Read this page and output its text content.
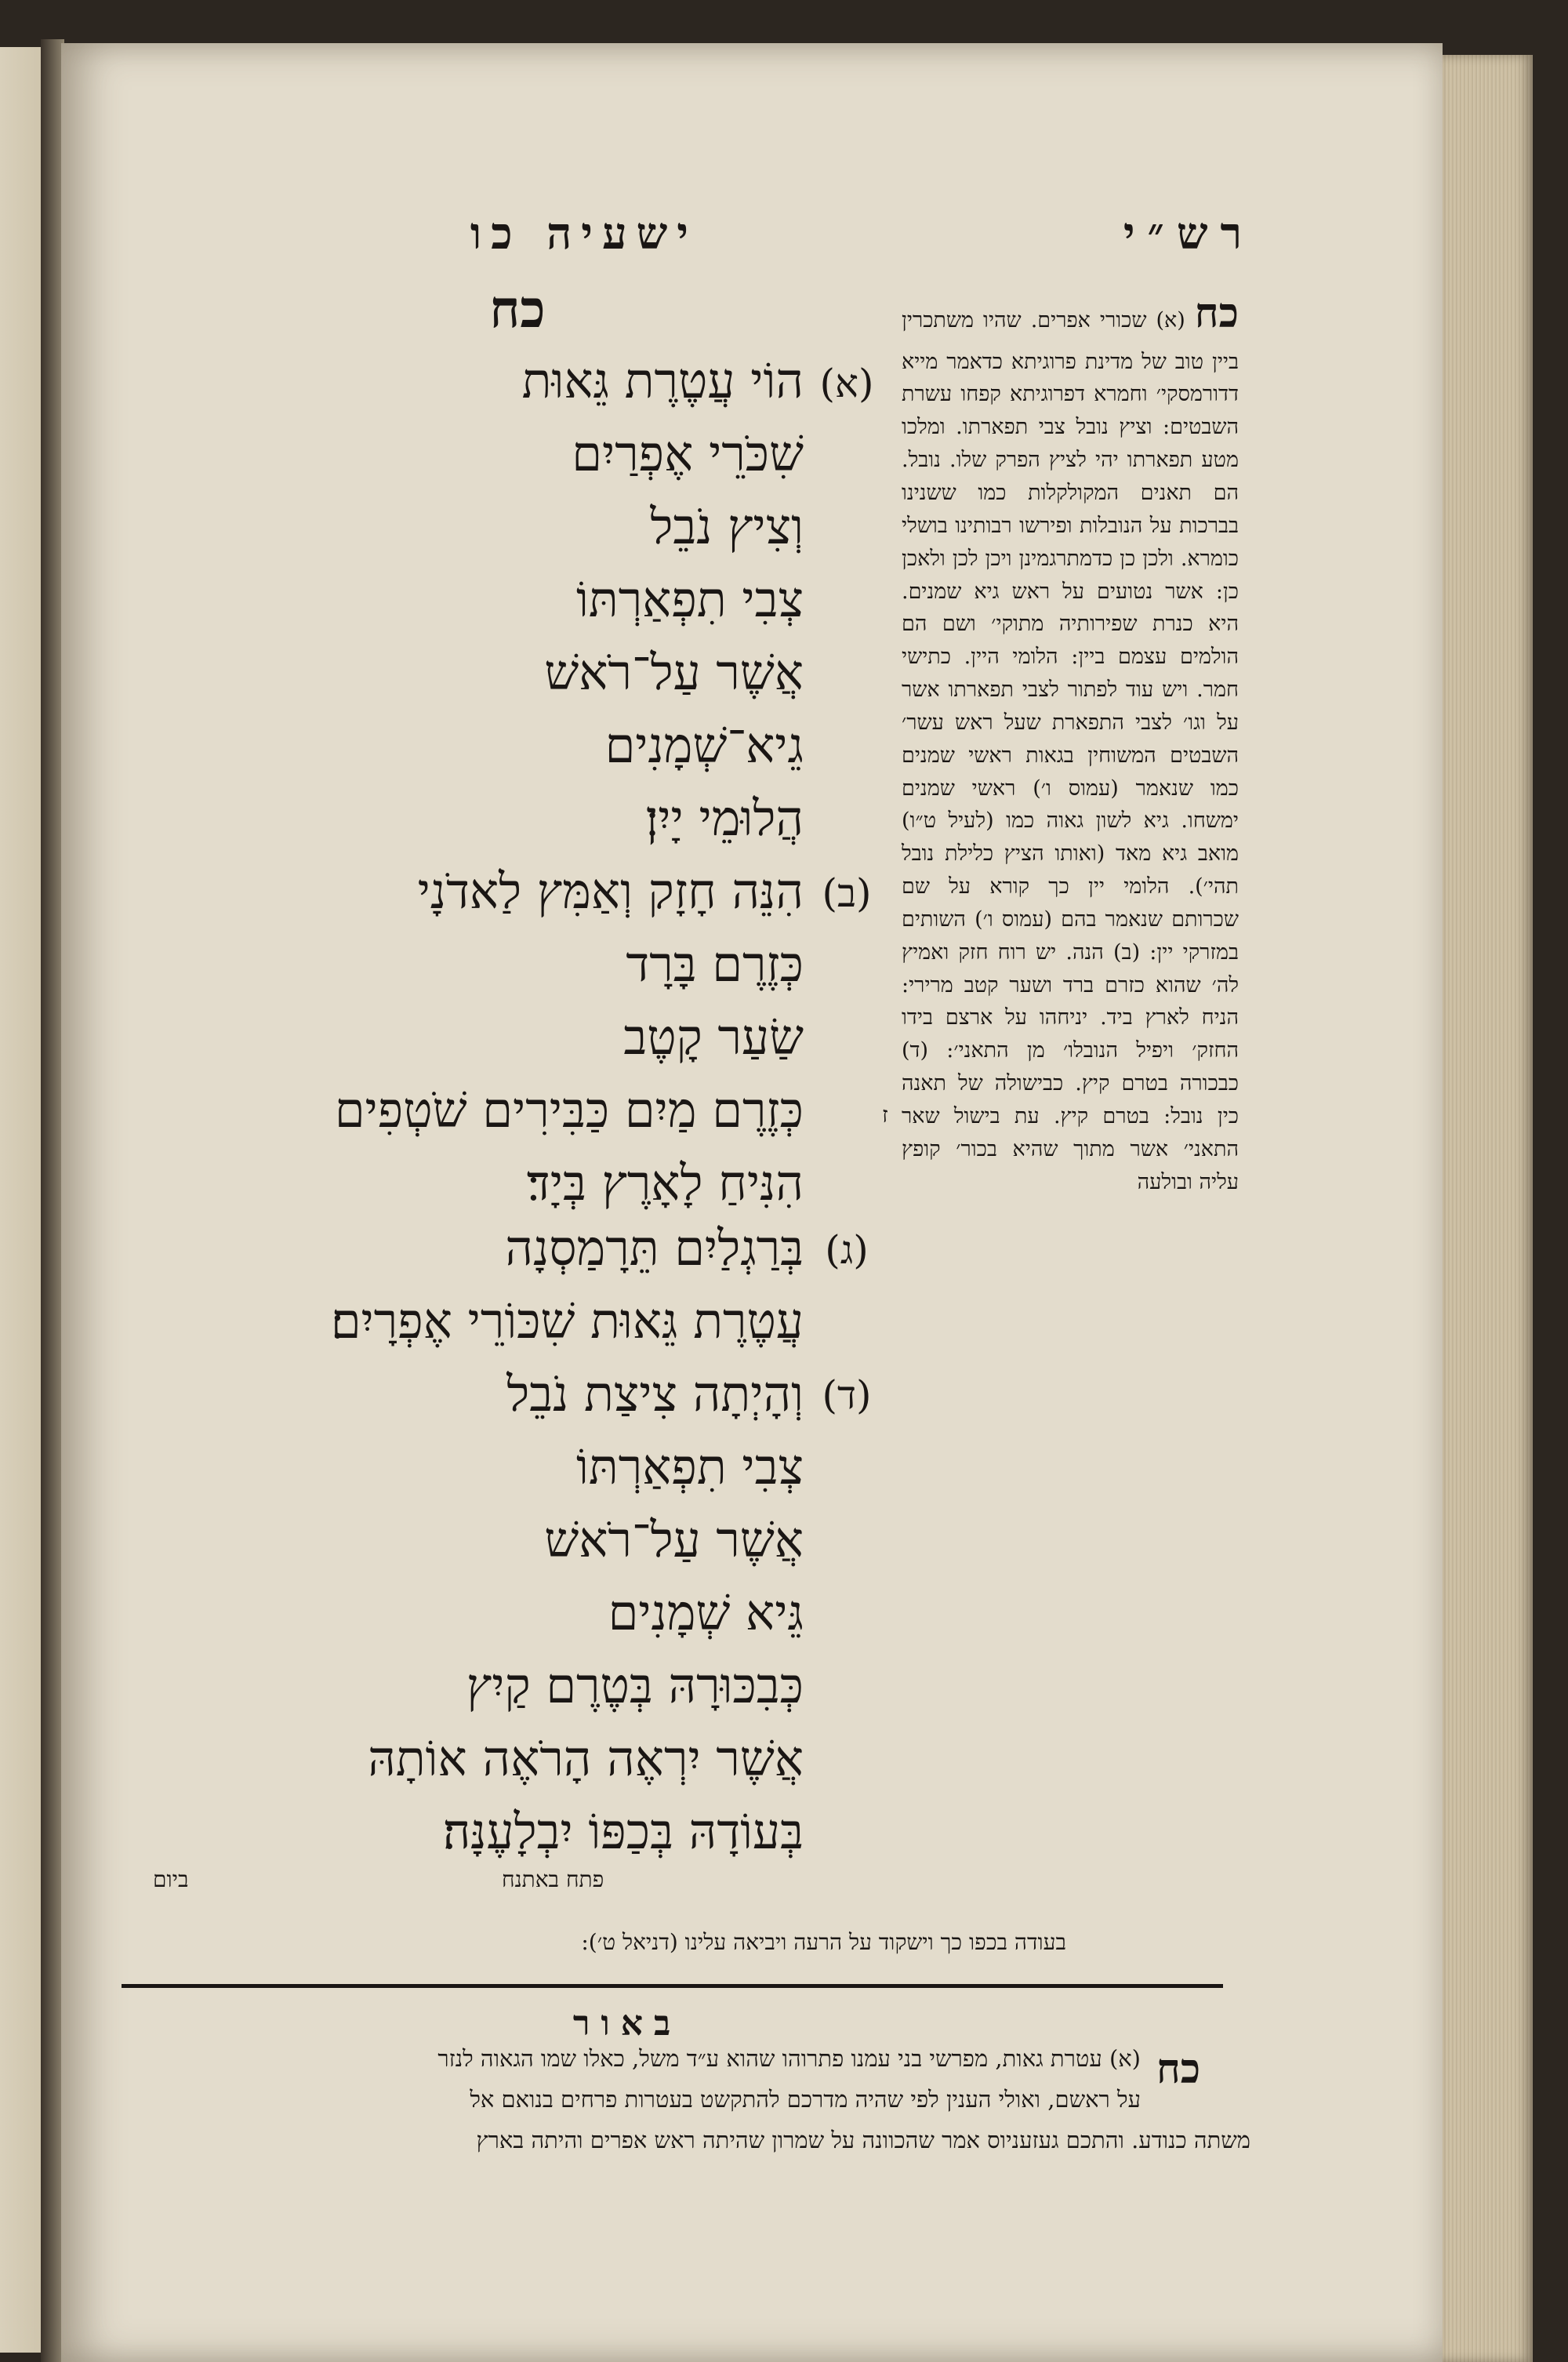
רש״י
ישעיה כו
כח
(א)
(ב)
(ג)
(ד)
הוֹי עֲטֶרֶת גֵּאוּת
שִׁכֹּרֵי אֶפְרַיִם
וְצִיץ נֹבֵל
צְבִי תִפְאַרְתּוֹ
אֲשֶׁר עַל־רֹאשׁ
גֵיא־שְׁמָנִים
הֲלוּמֵי יָיִן׃
הִנֵּה חָזָק וְאַמִּץ לַאדֹנָי
כְּזֶרֶם בָּרָד
שַׂעַר קָטֶב
כְּזֶרֶם מַיִם כַּבִּירִים שֹׁטְפִים
הִנִּיחַ לָאָרֶץ בְּיָד׃
בְּרַגְלַיִם תֵּרָמַסְנָה
עֲטֶרֶת גֵּאוּת שִׁכּוֹרֵי אֶפְרָיִם׃
וְהָיְתָה צִיצַת נֹבֵל
צְבִי תִפְאַרְתּוֹ
אֲשֶׁר עַל־רֹאשׁ
גֵּיא שְׁמָנִים
כְּבִכּוּרָהּ בְּטֶרֶם קַיִץ
אֲשֶׁר יִרְאֶה הָרֹאֶה אוֹתָהּ
בְּעוֹדָהּ בְּכַפּוֹ יִבְלָעֶנָּה׃
כח (א) שכורי אפרים. שהיו משתכרין ביין טוב של מדינת פרוגיתא כדאמר מייא דדורמסקי׳ וחמרא דפרוגיתא קפחו עשרת השבטים: וציץ נובל צבי תפארתו. ומלכו מטע תפארתו יהי לציץ הפרק שלו. נובל. הם תאנים המקולקלות כמו ששנינו בברכות על הנובלות ופירשו רבותינו בושלי כומרא. ולכן כן כדמתרגמינן ויכן לכן ולאכן כן: אשר נטועים על ראש גיא שמנים. היא כנרת שפירותיה מתוקי׳ ושם הם הולמים עצמם ביין: הלומי היין. כתישי חמר. ויש עוד לפתור לצבי תפארתו אשר על וגו׳ לצבי התפארת שעל ראש עשר׳ השבטים המשוחין בגאות ראשי שמנים כמו שנאמר (עמוס ו׳) ראשי שמנים ימשחו. גיא לשון גאוה כמו (לעיל ט״ו) מואב גיא מאד (ואותו הציץ כלילת נובל תהי׳). הלומי יין כך קורא על שם שכרותם שנאמר בהם (עמוס ו׳) השותים במזרקי יין: (ב) הנה. יש רוח חזק ואמיץ לה׳ שהוא כזרם ברד ושער קטב מרירי: הניח לארץ ביד. יניחהו על ארצם בידו החזק׳ ויפיל הנובלו׳ מן התאני׳: (ד) כבכורה בטרם קיץ. כבישולה של תאנה כין נובל: בטרם קיץ. עת בישול שאר התאני׳ אשר מתוך שהיא בכור׳ קופץ עליה ובולעה
ז
ביום	פתח באתנח
בעודה בכפו כך וישקוד על הרעה ויביאה עלינו (דניאל ט׳):
באור
כח
(א) עטרת גאות, מפרשי בני עמנו פתרוהו שהוא ע״ד משל, כאלו שמו הגאוה לנזר
על ראשם, ואולי הענין לפי שהיה מדרכם להתקשט בעטרות פרחים בנואם אל
משתה כנודע. והתכם געזעניוס אמר שהכוונה על שמרון שהיתה ראש אפרים והיתה בארץ
